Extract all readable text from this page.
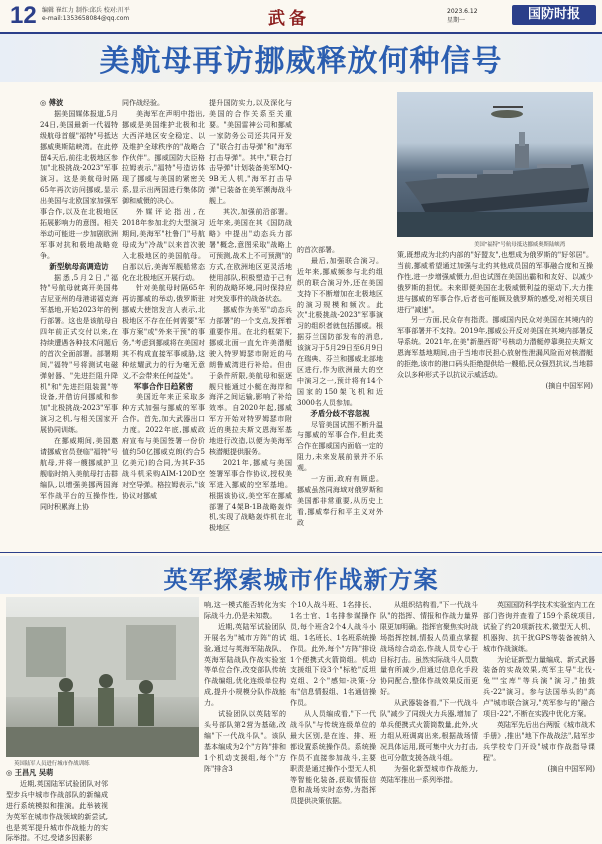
12 编辑 崔红力 制作:邱兵 校对:川平
e-mail:1353658084@qq.com	武备	2023.6.12
星期一	国防时报
美航母再访挪威释放何种信号

◎ 傅波

据美国媒体报道,5月24日,美国最新一代福特级航母首舰"福特"号抵达挪威奥斯陆峡湾。在此停留4天后,前往北极地区参加"北极挑战-2023"军事演习。这是美航母时隔65年再次访问挪威,显示出美国与北欧国家加强军事合作,以及在北极地区拓展影响力的意图。相关举动可能进一步加剧欧洲军事对抗和极地战略竞争。

新型航母高调造访

据悉,5月2日,"福特"号航母就离开美国弗吉尼亚州的母港诺福克海军基地,开始2023年的例行部署。这也是该航母自四年前正式交付以来,在持续遭遇各种技术问题后的首次全面部署。部署期间,"福特"号将测试电磁弹射器、"先进拦阻升降机"和"先进拦阻装置"等设备,并借访问挪威和参加"北极挑战-2023"军事演习之机,与相关国家开展协同训练。

在挪威期间,美国邀请挪威官员登临"福特"号航母,并将一艘挪威护卫舰临时纳入美航母打击群编队,以增强美挪两国海军作战平台的互操作性,同时积累海上协

同作战经验。

美海军在声明中指出,挪威是美国维护北极和北大西洋地区安全稳定、以及维护全球秩序的"战略合作伙伴"。挪威国防大臣格拉姆表示,"福特"号造访体现了挪威与美国的紧密关系,显示出两国进行集体防御和威慑的决心。

外媒评论指出,在2018年参加北约大型演习期间,美海军"杜鲁门"号航母成为"冷战"以来首次驶入北极地区的美国航母。自那以后,美海军舰船常态化在北极地区开展行动。

针对美航母时隔65年再访挪威的举动,俄罗斯驻挪威大使馆发言人表示,北极地区不存在任何需要"军事方案"或"外来干预"的事务,"考虑到挪威将在美国对其不构成直接军事威胁,这种炫耀武力的行为毫无意义,不会带来任何益处"。

军事合作日趋紧密

美国近年来正采取多种方式加强与挪威的军事合作。首先,加大武器出口力度。2022年底,挪威政府宣布与美国签署一份价值约50亿挪威克朗(约合5亿美元)的合同,为其F-35战斗机采购AIM-120D空对空导弹。格拉姆表示,"该协议对挪威

提升国防实力,以及深化与美国的合作关系至关重要。"美国雷神公司和挪威一家防务公司还共同开发了"联合打击导弹"和"海军打击导弹"。其中,"联合打击导弹"计划装备美军MQ-9B无人机,"海军打击导弹"已装备在美军濒海战斗舰上。

其次,加强前沿部署。近年来,美国在其《国防战略》中提出"动态兵力部署"概念,意图采取"战略上可预测,战术上不可预测"的方式,在欧洲地区更灵活地使用部队,积极塑造于己有利的战略环境,同时保持应对突发事件的战备状态。

挪威作为美军"动态兵力部署"的一个支点,发挥着重要作用。在北约框架下,挪威北面一直允许美潜艇驶入特罗姆瑟市附近的马朗鲁威湾进行补给。但由于条件所限,美航母和驱逐舰只能通过小艇在海岸和海洋之间运输,影响了补给效率。自2020年起,挪威军方开始对特罗姆瑟市附近的奥拉夫斯文恩海军基地进行改造,以便为美海军核潜艇提供服务。

2021年,挪威与美国签署军事合作协议,授权美军进入挪威的空军基地。根据该协议,美空军在挪威部署了4架B-1B战略轰炸机,实现了战略轰炸机在北极地区

的首次部署。

最后,加强联合演习。近年来,挪威频参与北约组织的联合演习外,还在美国支持下不断增加在北极地区的演习规模和频次。此次"北极挑战-2023"军事演习的组织者就包括挪威。根据芬兰国防部发布的消息,该演习于5月29日至6月9日在瑞典、芬兰和挪威北部地区进行,作为欧洲最大的空中演习之一,预计将有14个国家的150架飞机和近3000名人员参加。

矛盾分歧不容忽视

尽管美国试图不断升温与挪威的军事合作,但此类合作在挪威国内面临一定的阻力,未来发展前景并不乐观。

一方面,政府有顾虑。挪威虽然同海域对俄罗斯和美国都非常重要,从历史上看,挪威奉行和平主义对外政

美国"福特"号航母抵达挪威奥斯陆峡湾

策,既想成为北约内部的"好盟友",也想成为俄罗斯的"好邻居"。当前,挪威希望通过加强与北约其他成员国的军事融合度和互操作性,进一步增强威慑力,但也试图在美国出霸和和友好、以减少俄罗斯的担忧。未来即便美国在北极威慑利益的驱动下,大力推进与挪威的军事合作,后者也可能顾及俄罗斯的感受,对相关项目进行"减速"。

另一方面,民众存有指责。挪威国内民众对美国在其境内的军事部署并不支持。2019年,挪威公开反对美国在其境内部署反导系统。2021年,在美"新墨西哥"号核动力潜艇停靠奥拉夫斯文恩海军基地期间,由于当地市民担心放射性泄漏风险而对核潜艇的拒绝,该市的港口码头拒绝提供给一艘船,民众强烈抗议,当地群众以多种形式予以抗议示威活动。

(摘自中国军网)

英军探索城市作战新方案
英国陆军人员进行城市作战训练

◎ 王昌凡 吴萌

近期,英国陆军试验团队对邻型步兵中城市作战部队的新编成进行系统模拟和推演。此举被视为英军在城市作战领域的新尝试,也是英军提升城市作战能力的实际举措。不过,受诸多因素影

响,这一模式能否转化为实际战斗力,仍是未知数。

近期,英陆军试验团队开展名为"城市方阵"的试验,通过与英海军陆战队、英海军陆战队作战实验室等单位合作,改变部队传统作战编组,优化连级单位构成,提升小规模分队作战能力。

试验团队以英陆军的头号部队第2营为基础,改编"下一代战斗队"。该队基本编成为2个"方阵"排和1个机动支援组,每个"方阵"排含3

个10人战斗班、1名排长、1名士官、1名排参谋操作员,每个班含2个4人战斗小组、1名班长、1名班系统操作员。此外,每个"方阵"排设1个便携式火箭筒组。机动支援组下设3个"标枪"反坦克组、2个"感知-决策-分布"信息情报组、1名通信操作员。

从人员编成看,"下一代战斗队"与传统连级单位的最大区别,是在连、排、班都设置系统操作员。系统操作员不直接参加战斗,主要职责是通过操作小型无人机等智能化装备,获取情报信息和战场实时态势,为指挥员提供决策依据。

从组织结构看,"下一代战斗队"的指挥、情报和作战力量界限更加明确。指挥官聚焦实时战场指挥控制,情报人员重点掌握战场综合动态,作战人员专心于目标打击。虽然实际战斗人员数量有所减少,但通过信息化手段协同配合,整体作战效果反而更好。

从武器装备看,"下一代战斗队"减少了同级火力兵器,增加了单兵便携式火箭筒数量,此外,火力组从班调离出来,根据战场情况具体运用,既可集中火力打击,也可分散支援各战斗组。

为强化新型城市作战能力,英陆军推出一系列举措。

英国国防科学技术实验室内工在部门咨询并查看了159个系统项目,试验了约20项新技术,微型无人机、机器狗、抗干扰GPS等装备被纳入城市作战演练。

为论证新型力量编成、新式武器装备的实战效果,英军主导"北伐-兔""宝库"等兵演"演习,"抽鼓兵-22"演习。参与法国举头的"高卢"城市联合演习,"英军参与的"融合项目-22",不断在实践中优化方案。

英陆军先后出台两版《城市战术手册》,推出"地下作战战法",陆军步兵学校专门开设"城市作战指导课程"。

(摘自中国军网)
